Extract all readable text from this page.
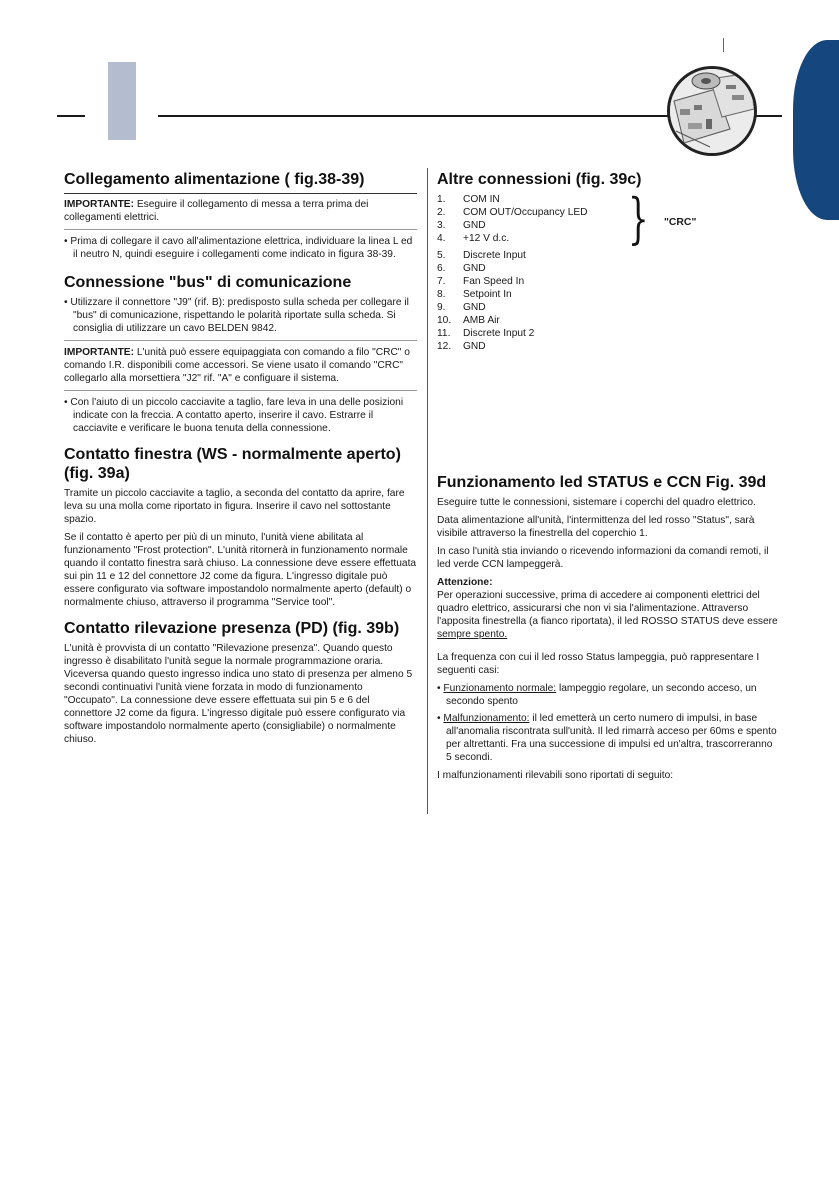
Collegamento alimentazione ( fig.38-39)

IMPORTANTE: Eseguire il collegamento di messa a terra prima dei collegamenti elettrici.

• Prima di collegare il cavo all'alimentazione elettrica, individuare la linea L ed il neutro N, quindi eseguire i collegamenti come indicato in figura 38-39.
Connessione "bus" di comunicazione
• Utilizzare il connettore "J9" (rif. B): predisposto sulla scheda per collegare il "bus" di comunicazione, rispettando le polarità riportate sulla scheda. Si consiglia di utilizzare un cavo BELDEN 9842.

IMPORTANTE: L'unità può essere equipaggiata con comando a filo "CRC" o comando I.R. disponibili come accessori. Se viene usato il comando "CRC" collegarlo alla morsettiera "J2" rif. "A" e configuare il sistema.

• Con l'aiuto di un piccolo cacciavite a taglio, fare leva in una delle posizioni indicate con la freccia. A contatto aperto, inserire il cavo. Estrarre il cacciavite e verificare le buona tenuta della connessione.
Contatto finestra (WS - normalmente aperto) (fig. 39a)

Tramite un piccolo cacciavite a taglio, a seconda del contatto da aprire, fare leva su una molla come riportato in figura. Inserire il cavo nel sottostante spazio.

Se il contatto è aperto per più di un minuto, l'unità viene abilitata al funzionamento "Frost protection". L'unità ritornerà in funzionamento normale quando il contatto finestra sarà chiuso. La connessione deve essere effettuata sui pin 11 e 12 del connettore J2 come da figura. L'ingresso digitale può essere configurato via software impostandolo normalmente aperto (default) o normalmente chiuso, attraverso il programma "Service tool".

Contatto rilevazione presenza (PD) (fig. 39b)

L'unità è provvista di un contatto "Rilevazione presenza". Quando questo ingresso è disabilitato l'unità segue la normale programmazione oraria. Viceversa quando questo ingresso indica uno stato di presenza per almeno 5 secondi continuativi l'unità viene forzata in modo di funzionamento "Occupato". La connessione deve essere effettuata sui pin 5 e 6 del connettore J2 come da figura. L'ingresso digitale può essere configurato via software impostandolo normalmente aperto (consigliabile) o normalmente chiuso.

Altre connessioni (fig. 39c)
1.	COM IN
2.	COM OUT/Occupancy LED
3.	GND
4.	+12 V d.c.
5.	Discrete Input
6.	GND
7.	Fan Speed In
8.	Setpoint In
9.	GND
10.	AMB Air
11.	Discrete Input 2
12.	GND
Funzionamento led STATUS e CCN Fig. 39d

Eseguire tutte le connessioni, sistemare i coperchi del quadro elettrico.

Data alimentazione all'unità, l'intermittenza del led rosso "Status", sarà visibile attraverso la finestrella del coperchio 1.

In caso l'unità stia inviando o ricevendo informazioni da comandi remoti, il led verde CCN lampeggerà.

Attenzione:

Per operazioni successive, prima di accedere ai componenti elettrici del quadro elettrico, assicurarsi che non vi sia l'alimentazione. Attraverso l'apposita finestrella (a fianco riportata), il led ROSSO STATUS deve essere sempre spento.

La frequenza con cui il led rosso Status lampeggia, può rappresentare I seguenti casi:

• Funzionamento normale: lampeggio regolare, un secondo acceso, un secondo spento
• Malfunzionamento: il led emetterà un certo numero di impulsi, in base all'anomalia riscontrata sull'unità. Il led rimarrà acceso per 60ms e spento per altrettanti. Fra una successione di impulsi ed un'altra, trascorreranno 5 secondi.

I malfunzionamenti rilevabili sono riportati di seguito:

} "CRC"
